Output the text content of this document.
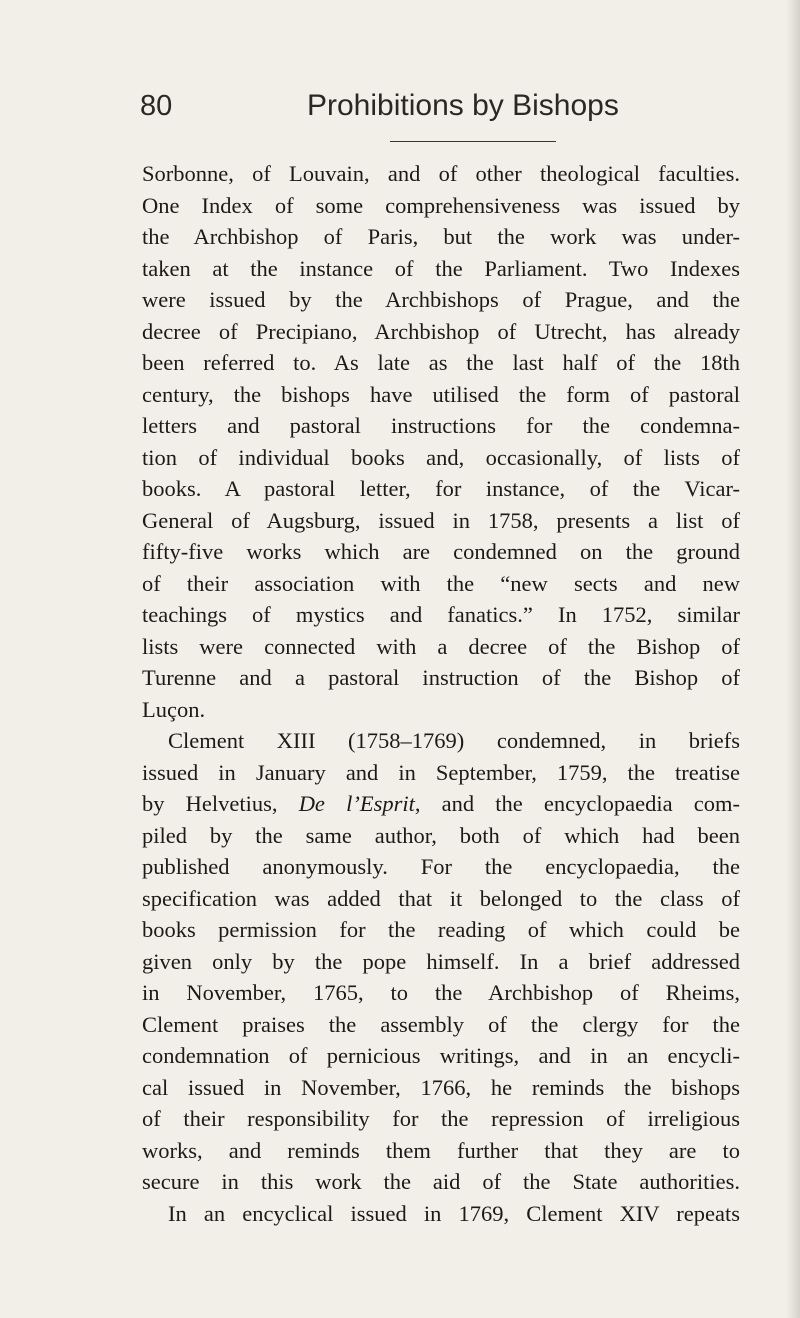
80	Prohibitions by Bishops
Sorbonne, of Louvain, and of other theological faculties.
One Index of some comprehensiveness was issued by
the Archbishop of Paris, but the work was under-
taken at the instance of the Parliament. Two Indexes
were issued by the Archbishops of Prague, and the
decree of Precipiano, Archbishop of Utrecht, has already
been referred to. As late as the last half of the 18th
century, the bishops have utilised the form of pastoral
letters and pastoral instructions for the condemna-
tion of individual books and, occasionally, of lists of
books. A pastoral letter, for instance, of the Vicar-
General of Augsburg, issued in 1758, presents a list of
fifty-five works which are condemned on the ground
of their association with the “new sects and new
teachings of mystics and fanatics.” In 1752, similar
lists were connected with a decree of the Bishop of
Turenne and a pastoral instruction of the Bishop of
Luçon.
Clement XIII (1758–1769) condemned, in briefs
issued in January and in September, 1759, the treatise
by Helvetius, De l’Esprit, and the encyclopaedia com-
piled by the same author, both of which had been
published anonymously. For the encyclopaedia, the
specification was added that it belonged to the class of
books permission for the reading of which could be
given only by the pope himself. In a brief addressed
in November, 1765, to the Archbishop of Rheims,
Clement praises the assembly of the clergy for the
condemnation of pernicious writings, and in an encycli-
cal issued in November, 1766, he reminds the bishops
of their responsibility for the repression of irreligious
works, and reminds them further that they are to
secure in this work the aid of the State authorities.
In an encyclical issued in 1769, Clement XIV repeats
